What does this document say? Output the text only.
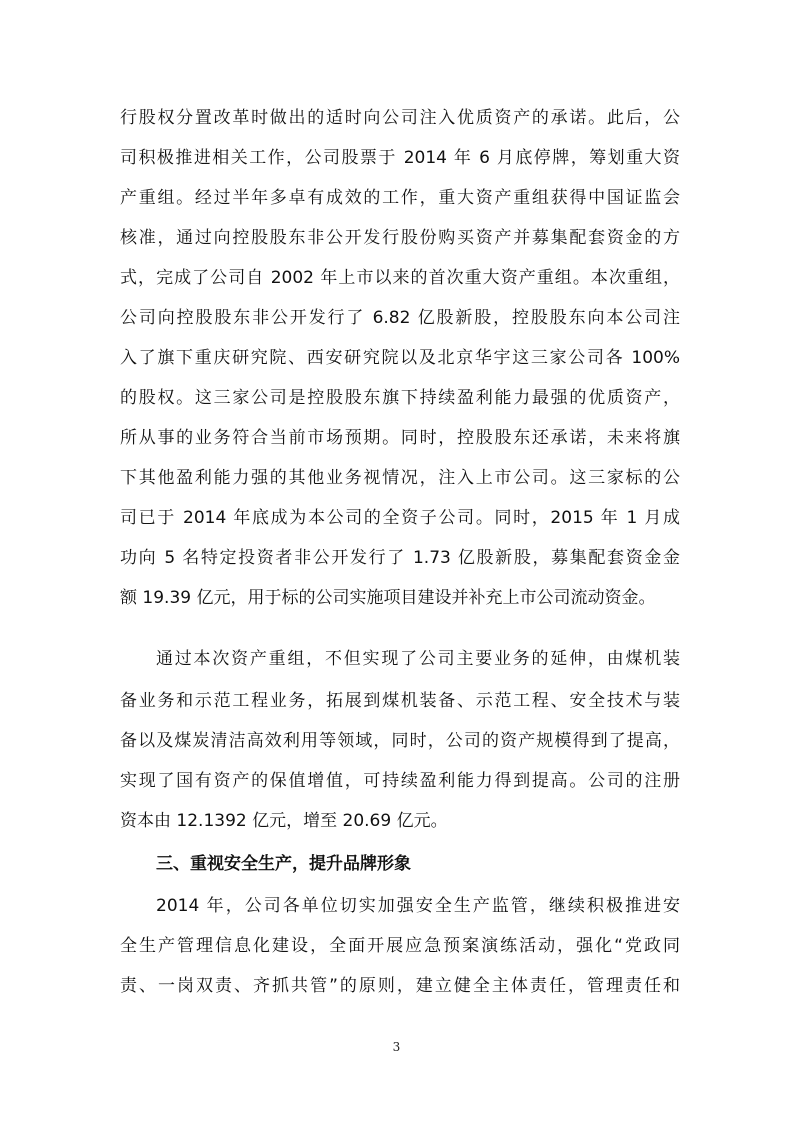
行股权分置改革时做出的适时向公司注入优质资产的承诺。此后，公
司积极推进相关工作，公司股票于 2014 年 6 月底停牌，筹划重大资
产重组。经过半年多卓有成效的工作，重大资产重组获得中国证监会
核准，通过向控股股东非公开发行股份购买资产并募集配套资金的方
式，完成了公司自 2002 年上市以来的首次重大资产重组。本次重组，
公司向控股股东非公开发行了 6.82 亿股新股，控股股东向本公司注
入了旗下重庆研究院、西安研究院以及北京华宇这三家公司各 100%
的股权。这三家公司是控股股东旗下持续盈利能力最强的优质资产，
所从事的业务符合当前市场预期。同时，控股股东还承诺，未来将旗
下其他盈利能力强的其他业务视情况，注入上市公司。这三家标的公
司已于 2014 年底成为本公司的全资子公司。同时，2015 年 1 月成
功向 5 名特定投资者非公开发行了 1.73 亿股新股，募集配套资金金
额 19.39 亿元，用于标的公司实施项目建设并补充上市公司流动资金。
通过本次资产重组，不但实现了公司主要业务的延伸，由煤机装
备业务和示范工程业务，拓展到煤机装备、示范工程、安全技术与装
备以及煤炭清洁高效利用等领域，同时，公司的资产规模得到了提高，
实现了国有资产的保值增值，可持续盈利能力得到提高。公司的注册
资本由 12.1392 亿元，增至 20.69 亿元。
三、重视安全生产，提升品牌形象
2014 年，公司各单位切实加强安全生产监管，继续积极推进安
全生产管理信息化建设，全面开展应急预案演练活动，强化“党政同
责、一岗双责、齐抓共管”的原则，建立健全主体责任，管理责任和
3
